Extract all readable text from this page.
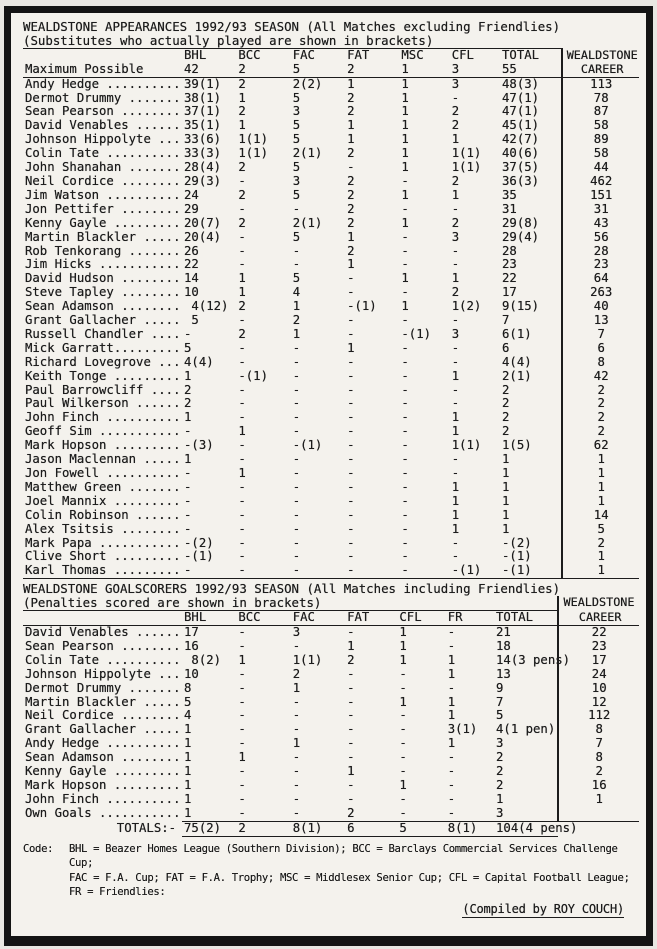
WEALDSTONE APPEARANCES 1992/93 SEASON (All Matches excluding Friendlies)
(Substitutes who actually played are shown in brackets)
	BHL	BCC	FAC	FAT	MSC	CFL	TOTAL	WEALDSTONE
Maximum Possible	42	2	5	2	1	3	55	CAREER
Andy Hedge ..........	39(1)	2	2(2)	1	1	3	48(3)	113
Dermot Drummy .......	38(1)	1	5	2	1	-	47(1)	78
Sean Pearson ........	37(1)	2	3	2	1	2	47(1)	87
David Venables ......	35(1)	1	5	1	1	2	45(1)	58
Johnson Hippolyte ...	33(6)	1(1)	5	1	1	1	42(7)	89
Colin Tate ..........	33(3)	1(1)	2(1)	2	1	1(1)	40(6)	58
John Shanahan .......	28(4)	2	5	-	1	1(1)	37(5)	44
Neil Cordice ........	29(3)	-	3	2	-	2	36(3)	462
Jim Watson ..........	24	2	5	2	1	1	35	151
Jon Pettifer ........	29	-	-	2	-	-	31	31
Kenny Gayle .........	20(7)	2	2(1)	2	1	2	29(8)	43
Martin Blackler .....	20(4)	-	5	1	-	3	29(4)	56
Rob Tenkorang .......	26	-	-	2	-	-	28	28
Jim Hicks ...........	22	-	-	1	-	-	23	23
David Hudson ........	14	1	5	-	1	1	22	64
Steve Tapley ........	10	1	4	-	-	2	17	263
Sean Adamson ........	4(12)	2	1	-(1)	1	1(2)	9(15)	40
Grant Gallacher .....	5	-	2	-	-	-	7	13
Russell Chandler ....	-	2	1	-	-(1)	3	6(1)	7
Mick Garratt.........	5	-	-	1	-	-	6	6
Richard Lovegrove ...	4(4)	-	-	-	-	-	4(4)	8
Keith Tonge .........	1	-(1)	-	-	-	1	2(1)	42
Paul Barrowcliff ....	2	-	-	-	-	-	2	2
Paul Wilkerson ......	2	-	-	-	-	-	2	2
John Finch ..........	1	-	-	-	-	1	2	2
Geoff Sim ...........	-	1	-	-	-	1	2	2
Mark Hopson .........	-(3)	-	-(1)	-	-	1(1)	1(5)	62
Jason Maclennan .....	1	-	-	-	-	-	1	1
Jon Fowell ..........	-	1	-	-	-	-	1	1
Matthew Green .......	-	-	-	-	-	1	1	1
Joel Mannix .........	-	-	-	-	-	1	1	1
Colin Robinson ......	-	-	-	-	-	1	1	14
Alex Tsitsis ........	-	-	-	-	-	1	1	5
Mark Papa ...........	-(2)	-	-	-	-	-	-(2)	2
Clive Short .........	-(1)	-	-	-	-	-	-(1)	1
Karl Thomas .........	-	-	-	-	-	-(1)	-(1)	1
WEALDSTONE GOALSCORERS 1992/93 SEASON (All Matches including Friendlies)
(Penalties scored are shown in brackets)	WEALDSTONE
	BHL	BCC	FAC	FAT	CFL	FR	TOTAL	CAREER
David Venables ......	17	-	3	-	1	-	21	22
Sean Pearson ........	16	-	-	1	1	-	18	23
Colin Tate ..........	8(2)	1	1(1)	2	1	1	14(3 pens)	17
Johnson Hippolyte ...	10	-	2	-	-	1	13	24
Dermot Drummy .......	8	-	1	-	-	-	9	10
Martin Blackler .....	5	-	-	-	1	1	7	12
Neil Cordice ........	4	-	-	-	-	1	5	112
Grant Gallacher .....	1	-	-	-	-	3(1)	4(1 pen)	8
Andy Hedge ..........	1	-	1	-	-	1	3	7
Sean Adamson ........	1	1	-	-	-	-	2	8
Kenny Gayle .........	1	-	-	1	-	-	2	2
Mark Hopson .........	1	-	-	-	1	-	2	16
John Finch ..........	1	-	-	-	-	-	1	1
Own Goals ...........	1	-	-	2	-	-	3	
TOTALS:-	75(2)	2	8(1)	6	5	8(1)	104(4 pens)	
Code:	BHL = Beazer Homes League (Southern Division); BCC = Barclays Commercial Services Challenge Cup;
FAC = F.A. Cup; FAT = F.A. Trophy; MSC = Middlesex Senior Cup; CFL = Capital Football League;
FR = Friendlies:
(Compiled by ROY COUCH)
